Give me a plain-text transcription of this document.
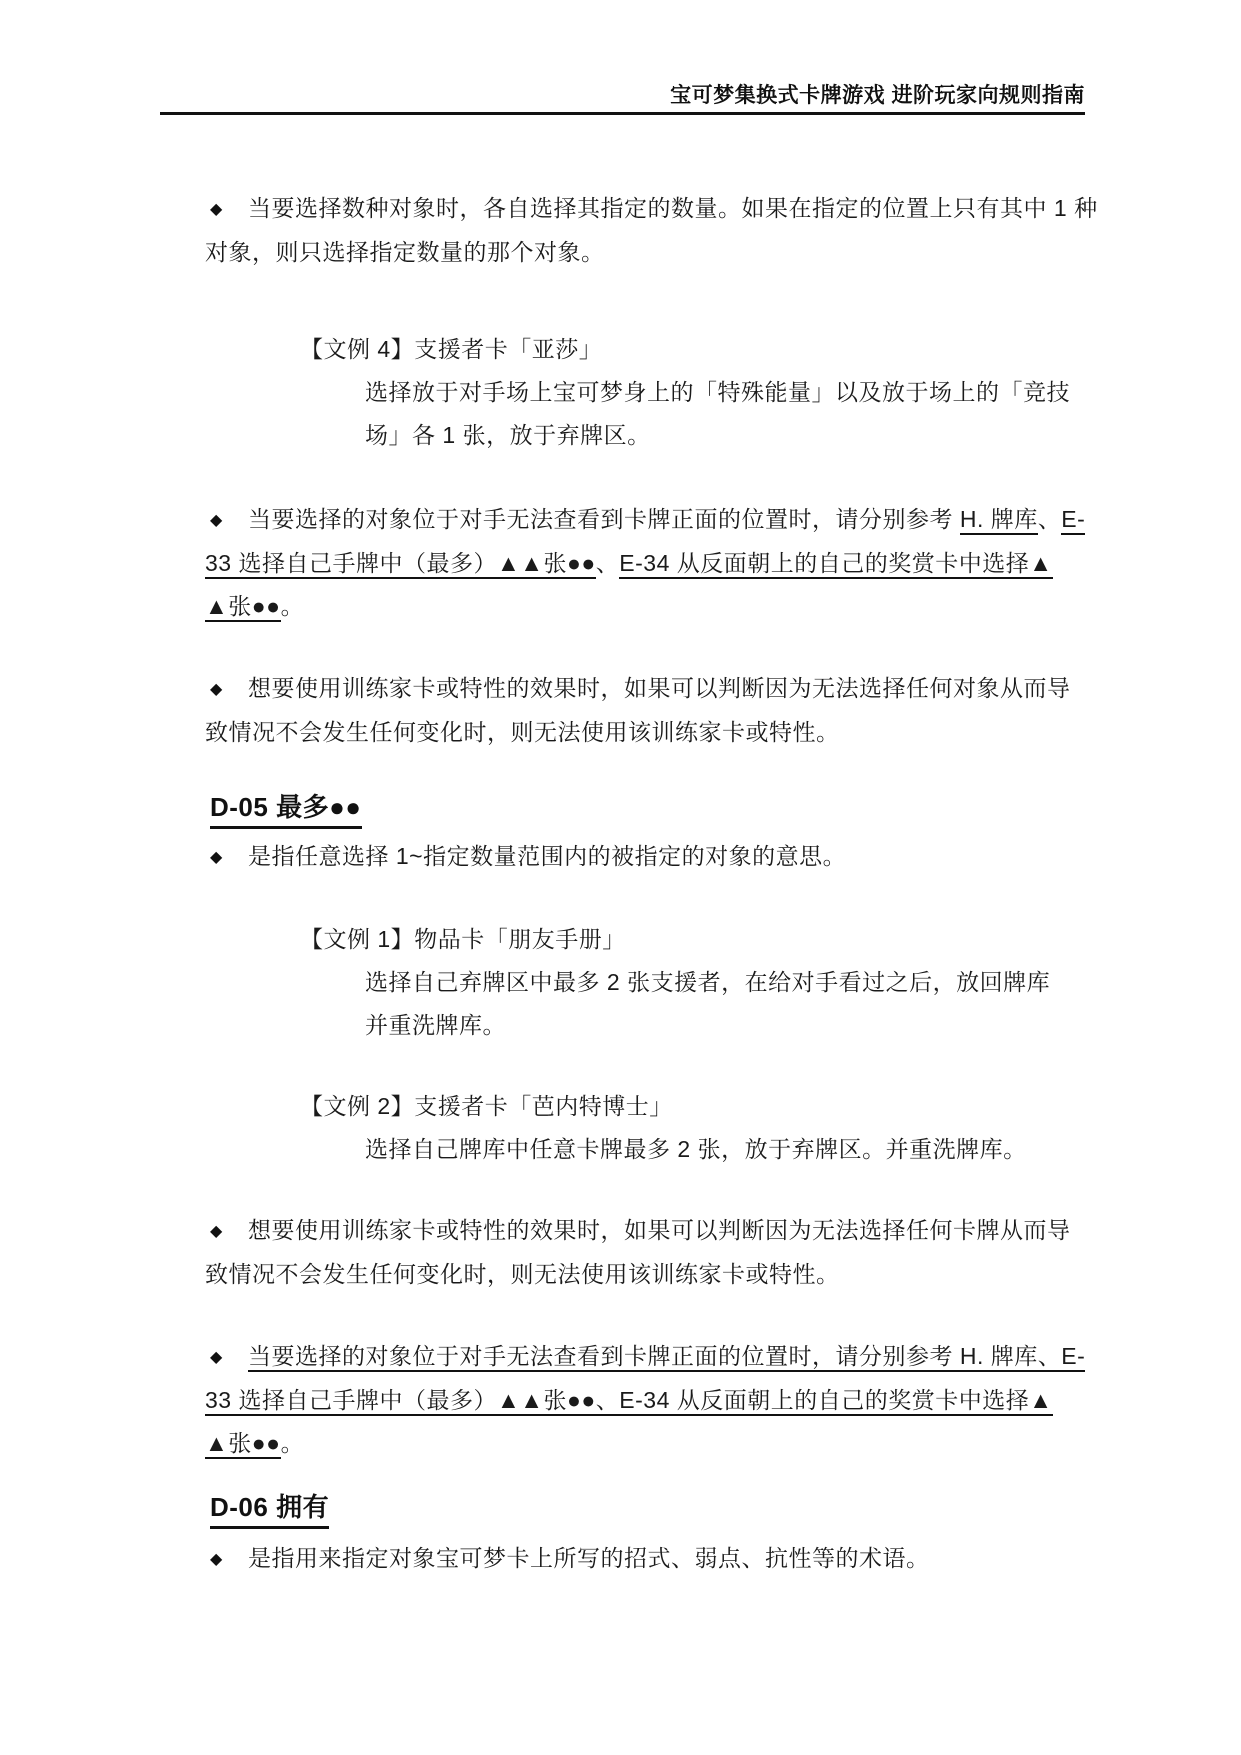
宝可梦集换式卡牌游戏 进阶玩家向规则指南
◆ 当要选择数种对象时，各自选择其指定的数量。如果在指定的位置上只有其中 1 种
对象，则只选择指定数量的那个对象。
【文例 4】支援者卡「亚莎」
选择放于对手场上宝可梦身上的「特殊能量」以及放于场上的「竞技
场」各 1 张，放于弃牌区。
◆ 当要选择的对象位于对手无法查看到卡牌正面的位置时，请分别参考 H. 牌库、E-
33 选择自己手牌中（最多）▲▲张●●、E-34 从反面朝上的自己的奖赏卡中选择▲
▲张●●。
◆ 想要使用训练家卡或特性的效果时，如果可以判断因为无法选择任何对象从而导
致情况不会发生任何变化时，则无法使用该训练家卡或特性。
D-05 最多●●
◆ 是指任意选择 1~指定数量范围内的被指定的对象的意思。
【文例 1】物品卡「朋友手册」
选择自己弃牌区中最多 2 张支援者，在给对手看过之后，放回牌库
并重洗牌库。
【文例 2】支援者卡「芭内特博士」
选择自己牌库中任意卡牌最多 2 张，放于弃牌区。并重洗牌库。
◆ 想要使用训练家卡或特性的效果时，如果可以判断因为无法选择任何卡牌从而导
致情况不会发生任何变化时，则无法使用该训练家卡或特性。
◆ 当要选择的对象位于对手无法查看到卡牌正面的位置时，请分别参考 H. 牌库、E-
33 选择自己手牌中（最多）▲▲张●●、E-34 从反面朝上的自己的奖赏卡中选择▲
▲张●●。
D-06 拥有
◆ 是指用来指定对象宝可梦卡上所写的招式、弱点、抗性等的术语。
